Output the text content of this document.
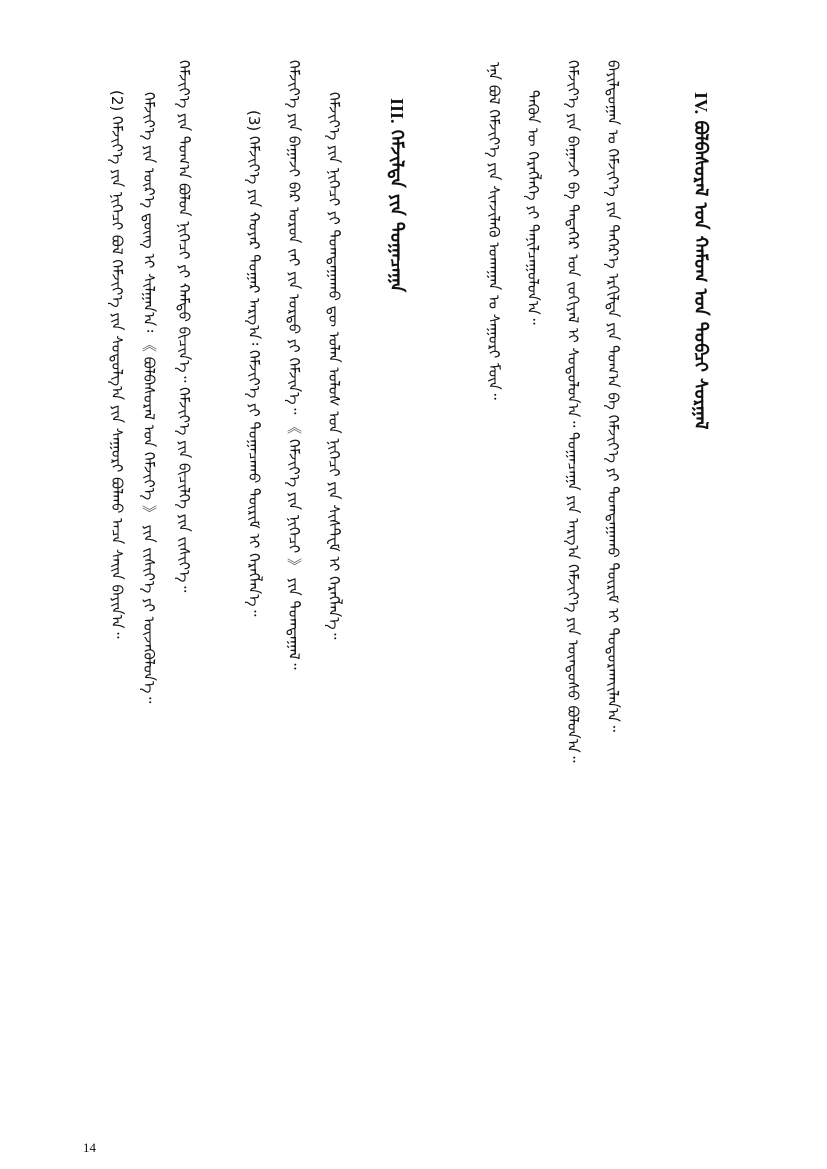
IV. ᠪᠣᠯᠪᠠᠰᠤᠷᠠᠯ ᠤᠨ ᠬᠠᠮᠤᠭ ᠤᠨ ᠲᠣᠪᠴᠢ ᠰᠤᠷᠭᠠᠯ
ᠪᠠᠶᠢᠯᠳᠤᠭᠠᠨ ᠤ ᠬᠡᠮᠵᠢᠶ᠎ᠡ ᠶᠢᠨ ᠳᠡᠭᠡᠷ᠎ᠡ ᠡᠷᠭᠢᠯᠲᠡ ᠶᠢᠨ ᠲᠣᠭ᠎ᠠ ᠪᠠ ᠬᠡᠮᠵᠢᠶ᠎ᠡ ᠶᠢ ᠲᠣᠭᠲᠠᠭᠠᠬᠤ ᠳᠦᠷᠢᠮ ᠢ ᠲᠣᠳᠤᠷᠬᠠᠶ᠋ᠢᠯᠠᠨ᠎ᠠ᠃
ᠬᠡᠮᠵᠢᠶ᠎ᠡ ᠶᠢᠨ ᠪᠠᠭᠠᠵᠢ ᠪᠠ ᠲᠡᠳᠡᠭᠡᠷ ᠤᠨ ᠵᠣᠬᠢᠶᠠᠯ ᠢ ᠰᠤᠳᠤᠯᠤᠨ᠎ᠠ᠃ ᠲᠣᠭᠠᠴᠠᠭᠠ ᠶᠢᠨ ᠠᠷᠭ᠎ᠠ ᠬᠡᠮᠵᠢᠶ᠎ᠡ ᠶᠢᠨ ᠦᠨᠳᠦᠰᠦ ᠪᠣᠯᠤᠨ᠎ᠠ᠃
ᠲᠡᠭᠦᠨ ᠦ ᠬᠡᠷᠡᠭᠯᠡᠭᠡ ᠶᠢ ᠲᠠᠨᠢᠯᠴᠠᠭᠤᠯᠤᠨ᠎ᠠ᠃
ᠡᠨᠡ ᠪᠣᠯ ᠬᠡᠮᠵᠢᠶ᠎ᠡ ᠶᠢᠨ ᠰᠢᠨᠵᠢᠯᠡᠬᠦ ᠤᠬᠠᠭᠠᠨ ᠤ ᠰᠠᠭᠤᠷᠢ ᠮᠥᠨ᠃
III. ᠬᠡᠮᠵᠢᠯᠲᠡ ᠶᠢᠨ ᠲᠣᠭᠠᠴᠠᠭᠠ
ᠬᠡᠮᠵᠢᠶ᠎ᠡ ᠶᠢᠨ ᠨᠢᠭᠡᠴᠢ ᠶᠢ ᠲᠣᠭᠲᠠᠭᠠᠬᠤ ᠳᠦ ᠣᠯᠠᠨ ᠤᠯᠤᠰ ᠤᠨ ᠨᠢᠭᠡᠴᠢ ᠶᠢᠨ ᠰᠢᠰᠲᠸᠮ ᠢ ᠬᠡᠷᠡᠭᠯᠡᠨ᠎ᠡ᠃
ᠬᠡᠮᠵᠢᠶ᠎ᠡ ᠶᠢᠨ ᠪᠠᠭᠠᠵᠢ ᠪᠠᠷ ᠣᠷᠣᠨ ᠵᠠᠶ ᠶᠢᠨ ᠤᠷᠲᠤ ᠶᠢ ᠬᠡᠮᠵᠢᠨ᠎ᠡ᠃ 《 ᠬᠡᠮᠵᠢᠶ᠎ᠡ ᠶᠢᠨ ᠨᠢᠭᠡᠴᠢ 》 ᠶᠢᠨ ᠲᠣᠭᠲᠠᠭᠠᠯ᠃
(3) ᠬᠡᠮᠵᠢᠶ᠎ᠡ ᠶᠢᠨ ᠬᠣᠶᠠᠷ ᠳᠤᠭᠠᠷ ᠠᠷᠭ᠎ᠠ᠄ ᠬᠡᠮᠵᠢᠶ᠎ᠡ ᠶᠢ ᠲᠣᠭᠠᠴᠠᠬᠤ ᠳᠦᠷᠢᠮ ᠢ ᠬᠡᠷᠡᠭᠯᠡᠨ᠎ᠡ᠃
ᠬᠡᠮᠵᠢᠶ᠎ᠡ ᠶᠢᠨ ᠲᠣᠭ᠎ᠠ ᠪᠣᠯᠤᠨ ᠨᠢᠭᠡᠴᠢ ᠶᠢ ᠬᠠᠮᠲᠤ ᠪᠢᠴᠢᠨ᠎ᠡ᠃ ᠬᠡᠮᠵᠢᠶ᠎ᠡ ᠶᠢᠨ ᠪᠢᠴᠢᠯᠭᠡ ᠶᠢᠨ ᠵᠢᠱᠢᠶ᠎ᠡ᠃
ᠬᠡᠮᠵᠢᠶ᠎ᠡ ᠶᠢᠨ ᠦᠷ᠎ᠡ ᠳ᠋ᠦᠩ ᠢ ᠰᠢᠯᠭᠠᠨ᠎ᠠ᠄ 《 ᠪᠣᠯᠪᠠᠰᠤᠷᠠᠯ ᠤᠨ ᠬᠡᠮᠵᠢᠶ᠎ᠡ 》 ᠶᠢᠨ ᠵᠢᠱᠢᠶ᠎ᠡ ᠶᠢ ᠦᠵᠡᠬᠦᠯᠦᠨ᠎ᠡ᠃
(2) ᠬᠡᠮᠵᠢᠶ᠎ᠡ ᠶᠢᠨ ᠨᠢᠭᠡᠴᠢ ᠪᠣᠯ ᠬᠡᠮᠵᠢᠶ᠎ᠡ ᠶᠢᠨ ᠰᠤᠳᠤᠯᠭ᠎ᠠ ᠶᠢᠨ ᠰᠠᠭᠤᠷᠢ ᠪᠣᠯᠬᠤ ᠠᠴᠠ ᠰᠠᠢᠨ ᠪᠠᠶᠢᠨ᠎ᠠ᠃
14
